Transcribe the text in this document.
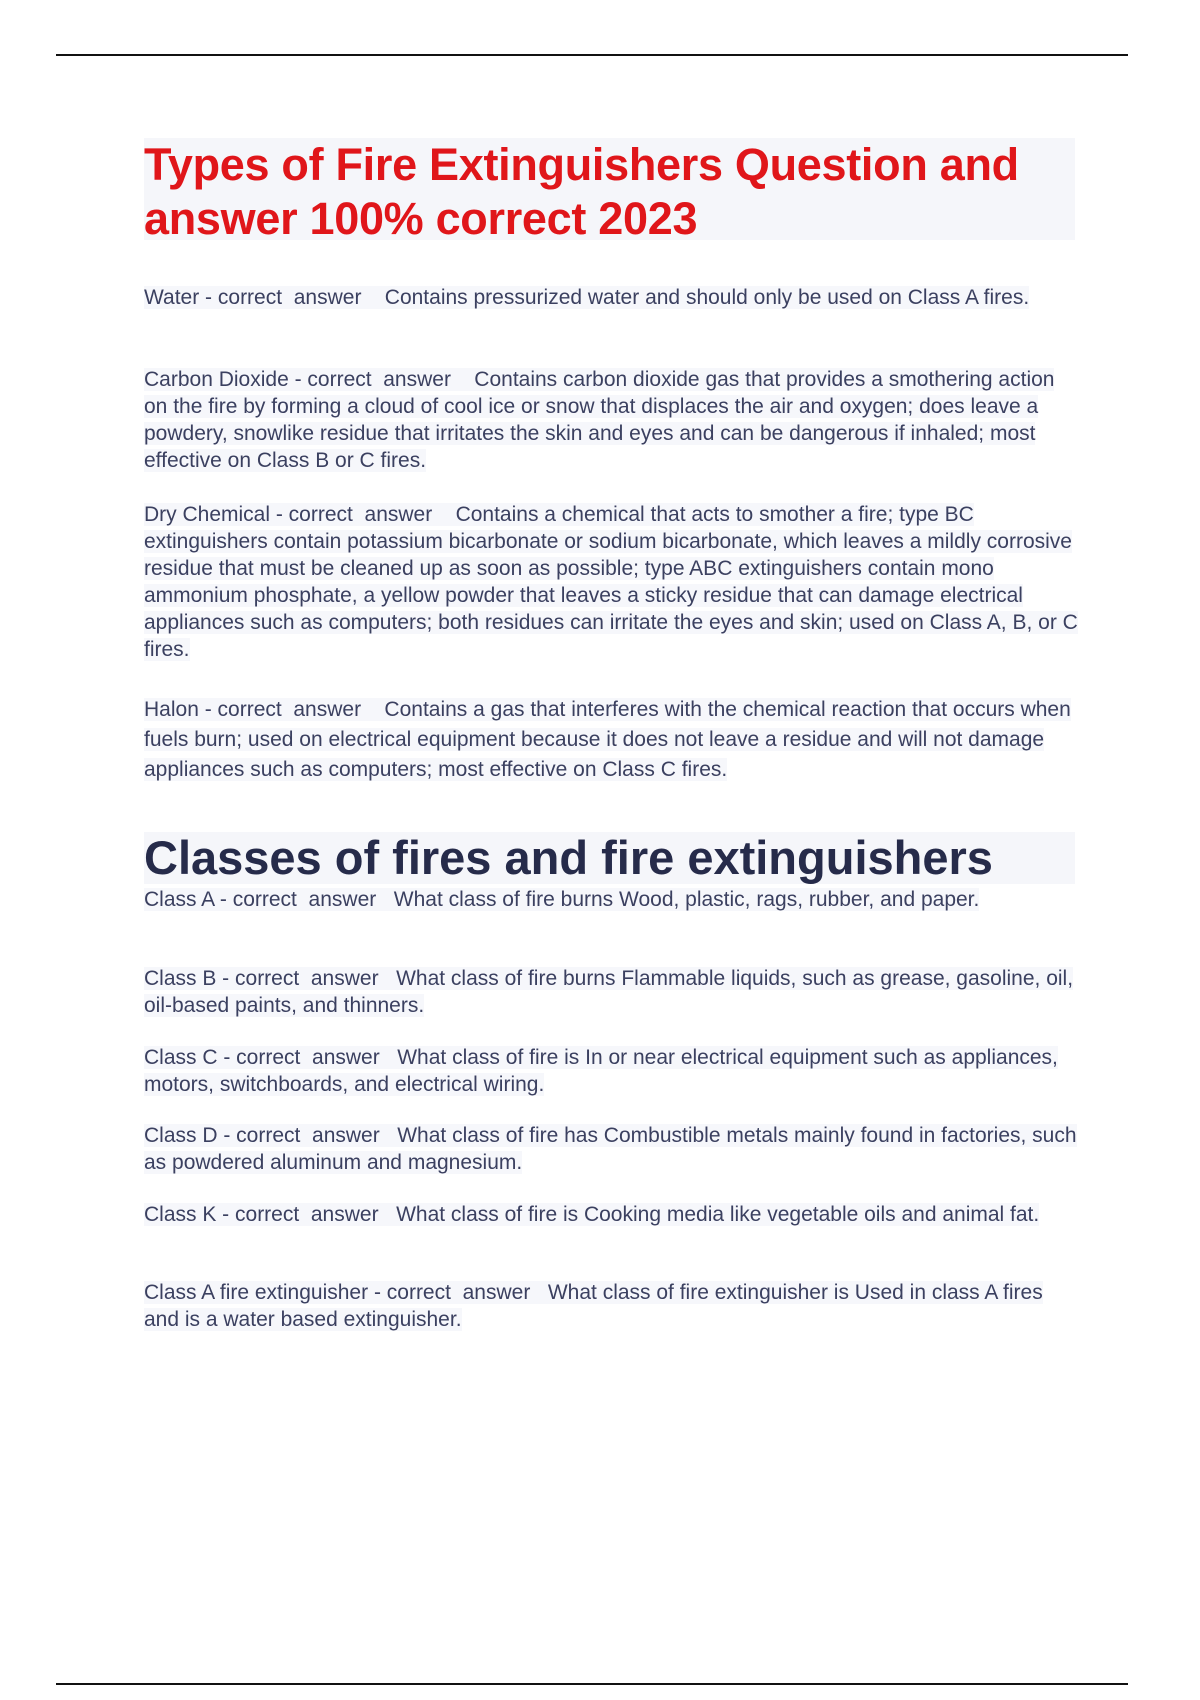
Types of Fire Extinguishers Question and answer 100% correct 2023
Water - correct  answer Contains pressurized water and should only be used on Class A fires.
Carbon Dioxide - correct  answer Contains carbon dioxide gas that provides a smothering action on the fire by forming a cloud of cool ice or snow that displaces the air and oxygen; does leave a powdery, snowlike residue that irritates the skin and eyes and can be dangerous if inhaled; most effective on Class B or C fires.
Dry Chemical - correct  answer Contains a chemical that acts to smother a fire; type BC extinguishers contain potassium bicarbonate or sodium bicarbonate, which leaves a mildly corrosive residue that must be cleaned up as soon as possible; type ABC extinguishers contain mono ammonium phosphate, a yellow powder that leaves a sticky residue that can damage electrical appliances such as computers; both residues can irritate the eyes and skin; used on Class A, B, or C fires.
Halon - correct  answer Contains a gas that interferes with the chemical reaction that occurs when fuels burn; used on electrical equipment because it does not leave a residue and will not damage appliances such as computers; most effective on Class C fires.
Classes of fires and fire extinguishers
Class A - correct  answer What class of fire burns Wood, plastic, rags, rubber, and paper.
Class B - correct  answer What class of fire burns Flammable liquids, such as grease, gasoline, oil, oil-based paints, and thinners.
Class C - correct  answer What class of fire is In or near electrical equipment such as appliances, motors, switchboards, and electrical wiring.
Class D - correct  answer What class of fire has Combustible metals mainly found in factories, such as powdered aluminum and magnesium.
Class K - correct  answer What class of fire is Cooking media like vegetable oils and animal fat.
Class A fire extinguisher - correct  answer What class of fire extinguisher is Used in class A fires and is a water based extinguisher.
